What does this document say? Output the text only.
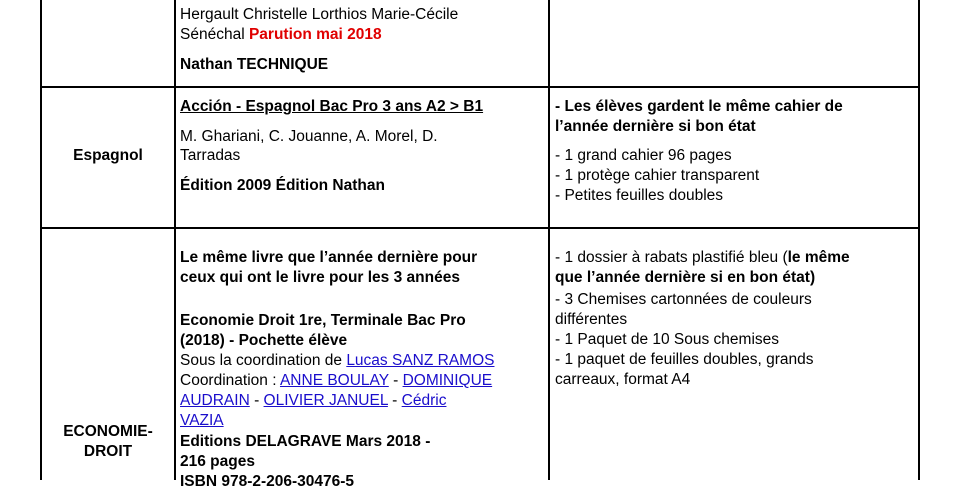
Hergault Christelle Lorthios Marie-Cécile
Sénéchal Parution mai 2018
Nathan TECHNIQUE
Espagnol
Acción - Espagnol Bac Pro 3 ans A2 > B1
M. Ghariani, C. Jouanne, A. Morel, D.
Tarradas
Édition 2009 Édition Nathan
- Les élèves gardent le même cahier de
l’année dernière si bon état
- 1 grand cahier 96 pages
- 1 protège cahier transparent
- Petites feuilles doubles
ECONOMIE-
DROIT
Le même livre que l’année dernière pour
ceux qui ont le livre pour les 3 années
Economie Droit 1re, Terminale Bac Pro
(2018) - Pochette élève
Sous la coordination de Lucas SANZ RAMOS
Coordination : ANNE BOULAY - DOMINIQUE
AUDRAIN - OLIVIER JANUEL - Cédric
VAZIA
Editions DELAGRAVE Mars 2018 -
216 pages
ISBN 978-2-206-30476-5
- 1 dossier à rabats plastifié bleu (le même
que l’année dernière si en bon état)
- 3 Chemises cartonnées de couleurs
différentes
- 1 Paquet de 10 Sous chemises
- 1 paquet de feuilles doubles, grands
carreaux, format A4
